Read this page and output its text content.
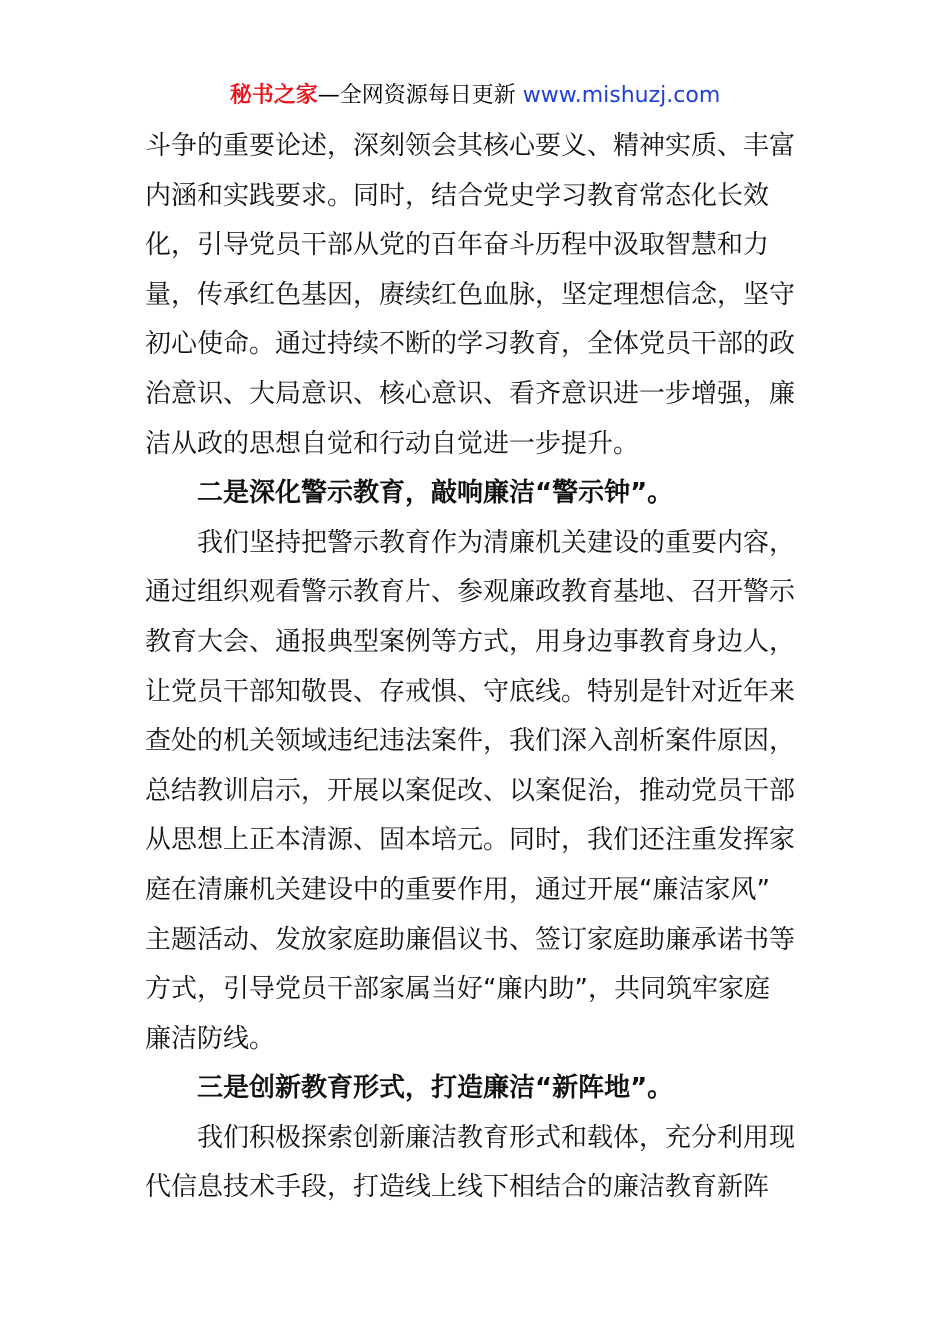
秘书之家—全网资源每日更新 www.mishuzj.com
斗争的重要论述，深刻领会其核心要义、精神实质、丰富
内涵和实践要求。同时，结合党史学习教育常态化长效
化，引导党员干部从党的百年奋斗历程中汲取智慧和力
量，传承红色基因，赓续红色血脉，坚定理想信念，坚守
初心使命。通过持续不断的学习教育，全体党员干部的政
治意识、大局意识、核心意识、看齐意识进一步增强，廉
洁从政的思想自觉和行动自觉进一步提升。
二是深化警示教育，敲响廉洁“警示钟”。
我们坚持把警示教育作为清廉机关建设的重要内容，
通过组织观看警示教育片、参观廉政教育基地、召开警示
教育大会、通报典型案例等方式，用身边事教育身边人，
让党员干部知敬畏、存戒惧、守底线。特别是针对近年来
查处的机关领域违纪违法案件，我们深入剖析案件原因，
总结教训启示，开展以案促改、以案促治，推动党员干部
从思想上正本清源、固本培元。同时，我们还注重发挥家
庭在清廉机关建设中的重要作用，通过开展“廉洁家风”
主题活动、发放家庭助廉倡议书、签订家庭助廉承诺书等
方式，引导党员干部家属当好“廉内助”，共同筑牢家庭
廉洁防线。
三是创新教育形式，打造廉洁“新阵地”。
我们积极探索创新廉洁教育形式和载体，充分利用现
代信息技术手段，打造线上线下相结合的廉洁教育新阵
